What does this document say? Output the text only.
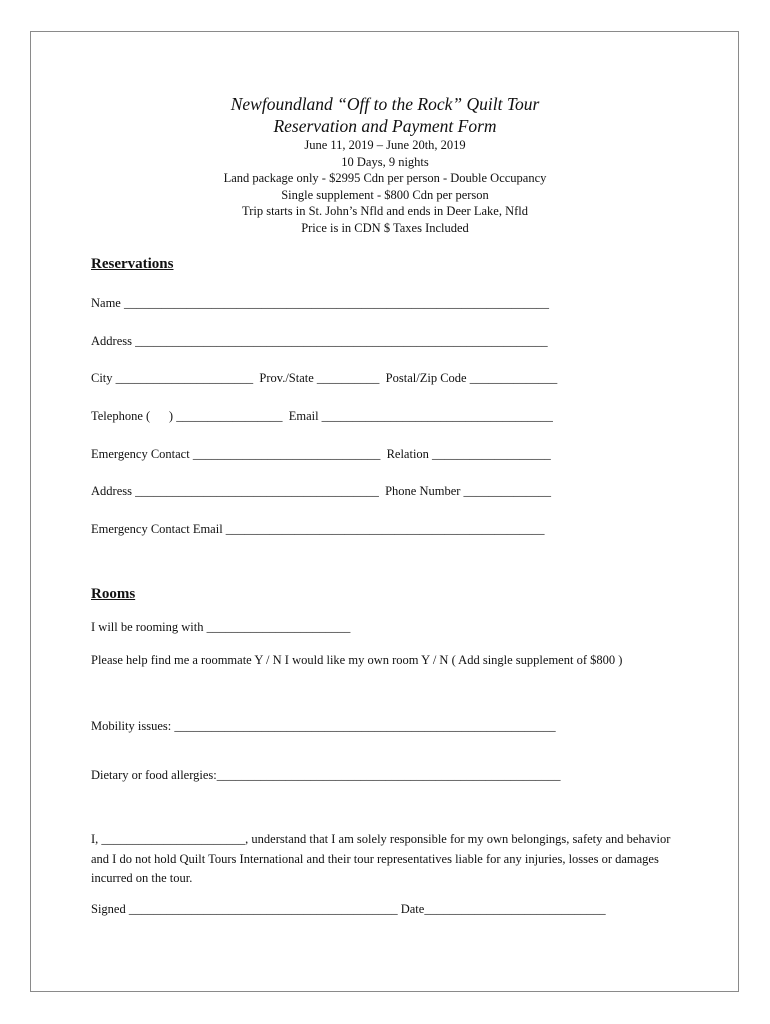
Newfoundland “Off to the Rock” Quilt Tour
Reservation and Payment Form
June 11, 2019 – June 20th, 2019
10 Days, 9 nights
Land package only - $2995 Cdn per person - Double Occupancy
Single supplement - $800 Cdn per person
Trip starts in St. John’s Nfld and ends in Deer Lake, Nfld
Price is in CDN $ Taxes Included
Reservations
Name ____________________________________________________________________
Address __________________________________________________________________
City ______________________  Prov./State __________  Postal/Zip Code ______________
Telephone (      ) _________________  Email _____________________________________
Emergency Contact ______________________________  Relation ___________________
Address _______________________________________  Phone Number ______________
Emergency Contact Email ___________________________________________________
Rooms
I will be rooming with _______________________
Please help find me a roommate Y / N I would like my own room Y / N ( Add single supplement of $800 )
Mobility issues: _____________________________________________________________
Dietary or food allergies:_______________________________________________________
I, _______________________, understand that I am solely responsible for my own belongings, safety and behavior and I do not hold Quilt Tours International and their tour representatives liable for any injuries, losses or damages incurred on the tour.
Signed ___________________________________________ Date_____________________________
